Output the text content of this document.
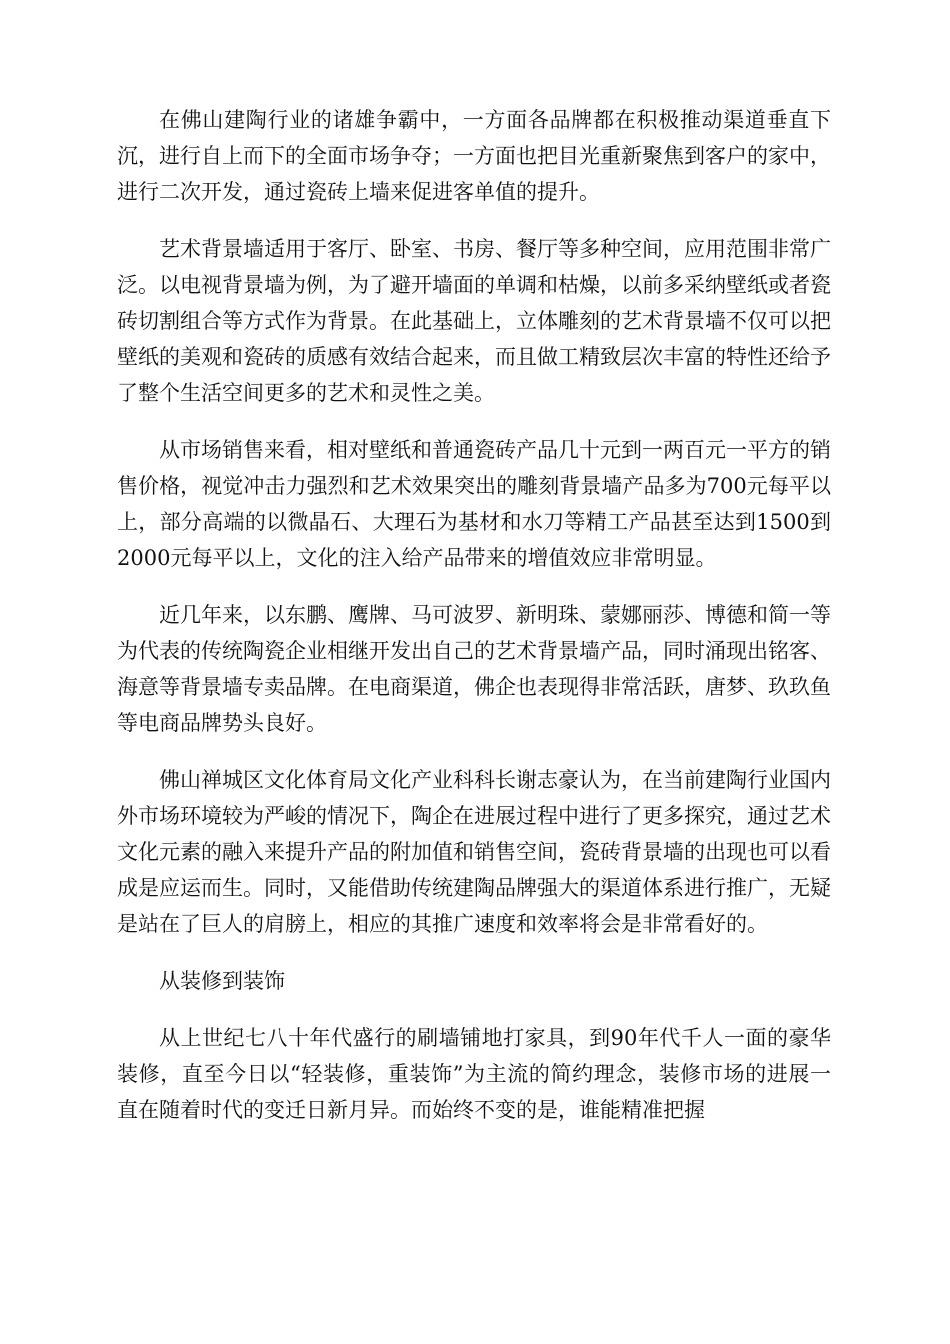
在佛山建陶行业的诸雄争霸中，一方面各品牌都在积极推动渠道垂直下沉，进行自上而下的全面市场争夺；一方面也把目光重新聚焦到客户的家中，进行二次开发，通过瓷砖上墙来促进客单值的提升。

艺术背景墙适用于客厅、卧室、书房、餐厅等多种空间，应用范围非常广泛。以电视背景墙为例，为了避开墙面的单调和枯燥，以前多采纳壁纸或者瓷砖切割组合等方式作为背景。在此基础上，立体雕刻的艺术背景墙不仅可以把壁纸的美观和瓷砖的质感有效结合起来，而且做工精致层次丰富的特性还给予了整个生活空间更多的艺术和灵性之美。

从市场销售来看，相对壁纸和普通瓷砖产品几十元到一两百元一平方的销售价格，视觉冲击力强烈和艺术效果突出的雕刻背景墙产品多为700元每平以上，部分高端的以微晶石、大理石为基材和水刀等精工产品甚至达到1500到2000元每平以上，文化的注入给产品带来的增值效应非常明显。

近几年来，以东鹏、鹰牌、马可波罗、新明珠、蒙娜丽莎、博德和简一等为代表的传统陶瓷企业相继开发出自己的艺术背景墙产品，同时涌现出铭客、海意等背景墙专卖品牌。在电商渠道，佛企也表现得非常活跃，唐梦、玖玖鱼等电商品牌势头良好。

佛山禅城区文化体育局文化产业科科长谢志豪认为，在当前建陶行业国内外市场环境较为严峻的情况下，陶企在进展过程中进行了更多探究，通过艺术文化元素的融入来提升产品的附加值和销售空间，瓷砖背景墙的出现也可以看成是应运而生。同时，又能借助传统建陶品牌强大的渠道体系进行推广，无疑是站在了巨人的肩膀上，相应的其推广速度和效率将会是非常看好的。

从装修到装饰

从上世纪七八十年代盛行的刷墙铺地打家具，到90年代千人一面的豪华装修，直至今日以“轻装修，重装饰”为主流的简约理念，装修市场的进展一直在随着时代的变迁日新月异。而始终不变的是，谁能精准把握
